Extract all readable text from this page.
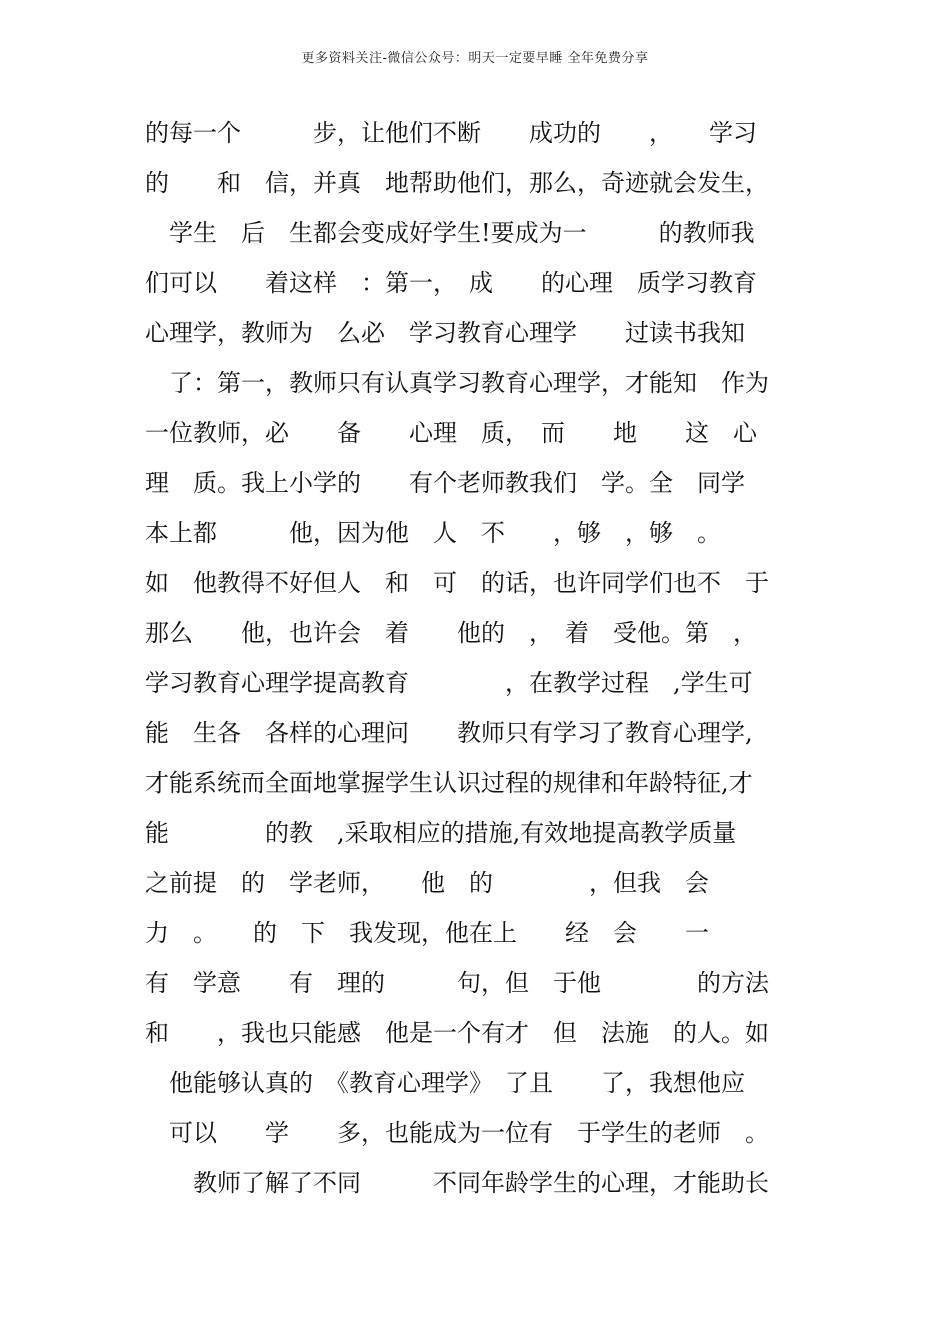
更多资料关注-微信公众号：明天一定要早睡 全年免费分享
的每一个　　　步，让他们不断　　成功的　　，　　学习
的　　和　信，并真　地帮助他们，那么，奇迹就会发生，
　学生　后　生都会变成好学生!要成为一　　　的教师我
们可以　　着这样　：第一，　成　　的心理　质学习教育
心理学，教师为　么必　学习教育心理学　　过读书我知
　了：第一，教师只有认真学习教育心理学，才能知　作为
一位教师，必　　备　　心理　质，　而　　地　　这　心
理　质。我上小学的　　有个老师教我们　学。全　同学
本上都　　　他，因为他　人　不　　，够　，够　。
如　他教得不好但人　和　可　的话，也许同学们也不　于
那么　　他，也许会　着　　他的　，　着　受他。第　，
学习教育心理学提高教育　　　　，在教学过程　,学生可
能　生各　各样的心理问　　教师只有学习了教育心理学,
才能系统而全面地掌握学生认识过程的规律和年龄特征,才
能　　　　的教　,采取相应的措施,有效地提高教学质量
之前提　的　学老师，　　他　的　　　　，但我　会
力　。　　的　下　我发现，他在上　　经　会　　一
有　学意　　有　理的　　　句，但　于他　　　　的方法
和　　，我也只能感　他是一个有才　但　法施　的人。如
　他能够认真的　《教育心理学》　了且　　了，我想他应
　可以　　学　　多，也能成为一位有　于学生的老师　。
　　教师了解了不同　　　不同年龄学生的心理，才能助长
